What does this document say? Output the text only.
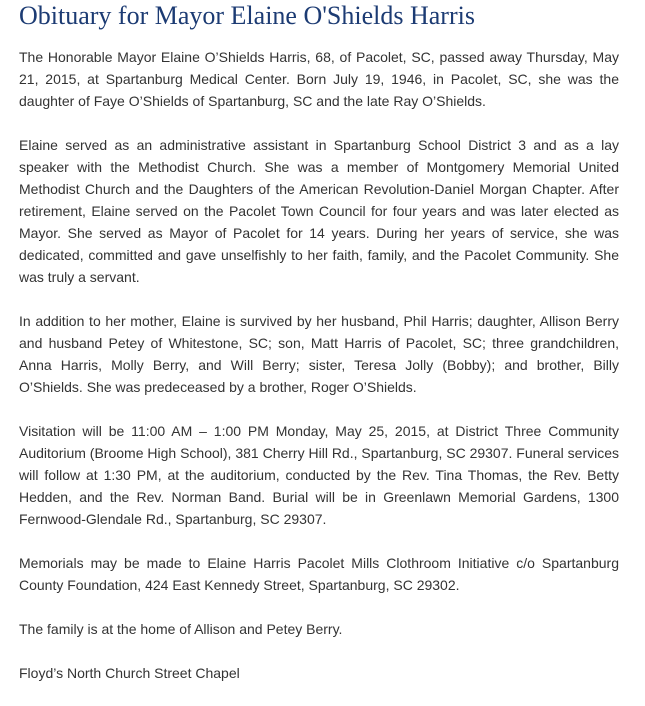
Obituary for Mayor Elaine O'Shields Harris

The Honorable Mayor Elaine O’Shields Harris, 68, of Pacolet, SC, passed away Thursday, May 21, 2015, at Spartanburg Medical Center. Born July 19, 1946, in Pacolet, SC, she was the daughter of Faye O’Shields of Spartanburg, SC and the late Ray O’Shields.

Elaine served as an administrative assistant in Spartanburg School District 3 and as a lay speaker with the Methodist Church. She was a member of Montgomery Memorial United Methodist Church and the Daughters of the American Revolution-Daniel Morgan Chapter. After retirement, Elaine served on the Pacolet Town Council for four years and was later elected as Mayor. She served as Mayor of Pacolet for 14 years. During her years of service, she was dedicated, committed and gave unselfishly to her faith, family, and the Pacolet Community. She was truly a servant.

In addition to her mother, Elaine is survived by her husband, Phil Harris; daughter, Allison Berry and husband Petey of Whitestone, SC; son, Matt Harris of Pacolet, SC; three grandchildren, Anna Harris, Molly Berry, and Will Berry; sister, Teresa Jolly (Bobby); and brother, Billy O’Shields. She was predeceased by a brother, Roger O’Shields.

Visitation will be 11:00 AM – 1:00 PM Monday, May 25, 2015, at District Three Community Auditorium (Broome High School), 381 Cherry Hill Rd., Spartanburg, SC 29307. Funeral services will follow at 1:30 PM, at the auditorium, conducted by the Rev. Tina Thomas, the Rev. Betty Hedden, and the Rev. Norman Band. Burial will be in Greenlawn Memorial Gardens, 1300 Fernwood-Glendale Rd., Spartanburg, SC 29307.

Memorials may be made to Elaine Harris Pacolet Mills Clothroom Initiative c/o Spartanburg County Foundation, 424 East Kennedy Street, Spartanburg, SC 29302.

The family is at the home of Allison and Petey Berry.

Floyd’s North Church Street Chapel
